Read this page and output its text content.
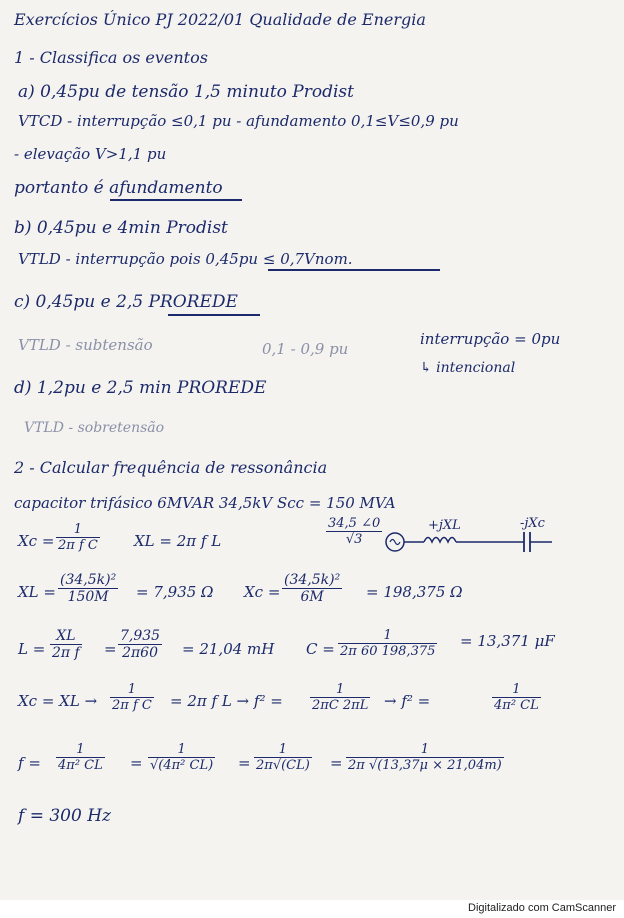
Exercícios Único PJ 2022/01 Qualidade de Energia
1 - Classifica os eventos
a) 0,45pu de tensão 1,5 minuto Prodist
VTCD - interrupção ≤0,1 pu - afundamento 0,1≤V≤0,9 pu
- elevação V>1,1 pu
portanto é afundamento
b) 0,45pu e 4min Prodist
VTLD - interrupção pois 0,45pu ≤ 0,7Vnom.
c) 0,45pu e 2,5 PROREDE
VTLD - subtensão	0,1 - 0,9 pu
interrupção = 0pu
↳ intencional
d) 1,2pu e 2,5 min PROREDE
VTLD - sobretensão
2 - Calcular frequência de ressonância
capacitor trifásico 6MVAR 34,5kV Scc = 150 MVA
$Xc = \frac{1}{\text{2π f C}}$ XL = 2π f L	$\frac{34,5 \angle 0}{√3}$	+jXL	-jXc
XL = $\frac{\text{(34,5k)²}}{150M} = 7,935$ Ω $Xc = \frac{\text{(34,5k)²}}{6M} = 198,375$ Ω
$L = \frac{XL}{\text{2π f}} = \frac{7,935}{2\pi 60} = 21,04$ mH $C = \frac{1}{2\pi 60 198,375} = 13,371$ μF
Xc = XL → $\frac{1}{\text{2π f C}} = 2\pi$ f $L \to f^2 = \frac{1}{2\pi C 2\pi L} \to f^2$ =	$\frac{1}{\text{4π² CL}}$
$f = \frac{1}{\text{4π² CL}} = \frac{1}{\text{√(4π² CL)}} = \frac{1}{2\pi√(CL)} = \frac{1}{2\pi √(13,37\mu \times 21,04m)}$
f = 300 Hz
Digitalizado com CamScanner
